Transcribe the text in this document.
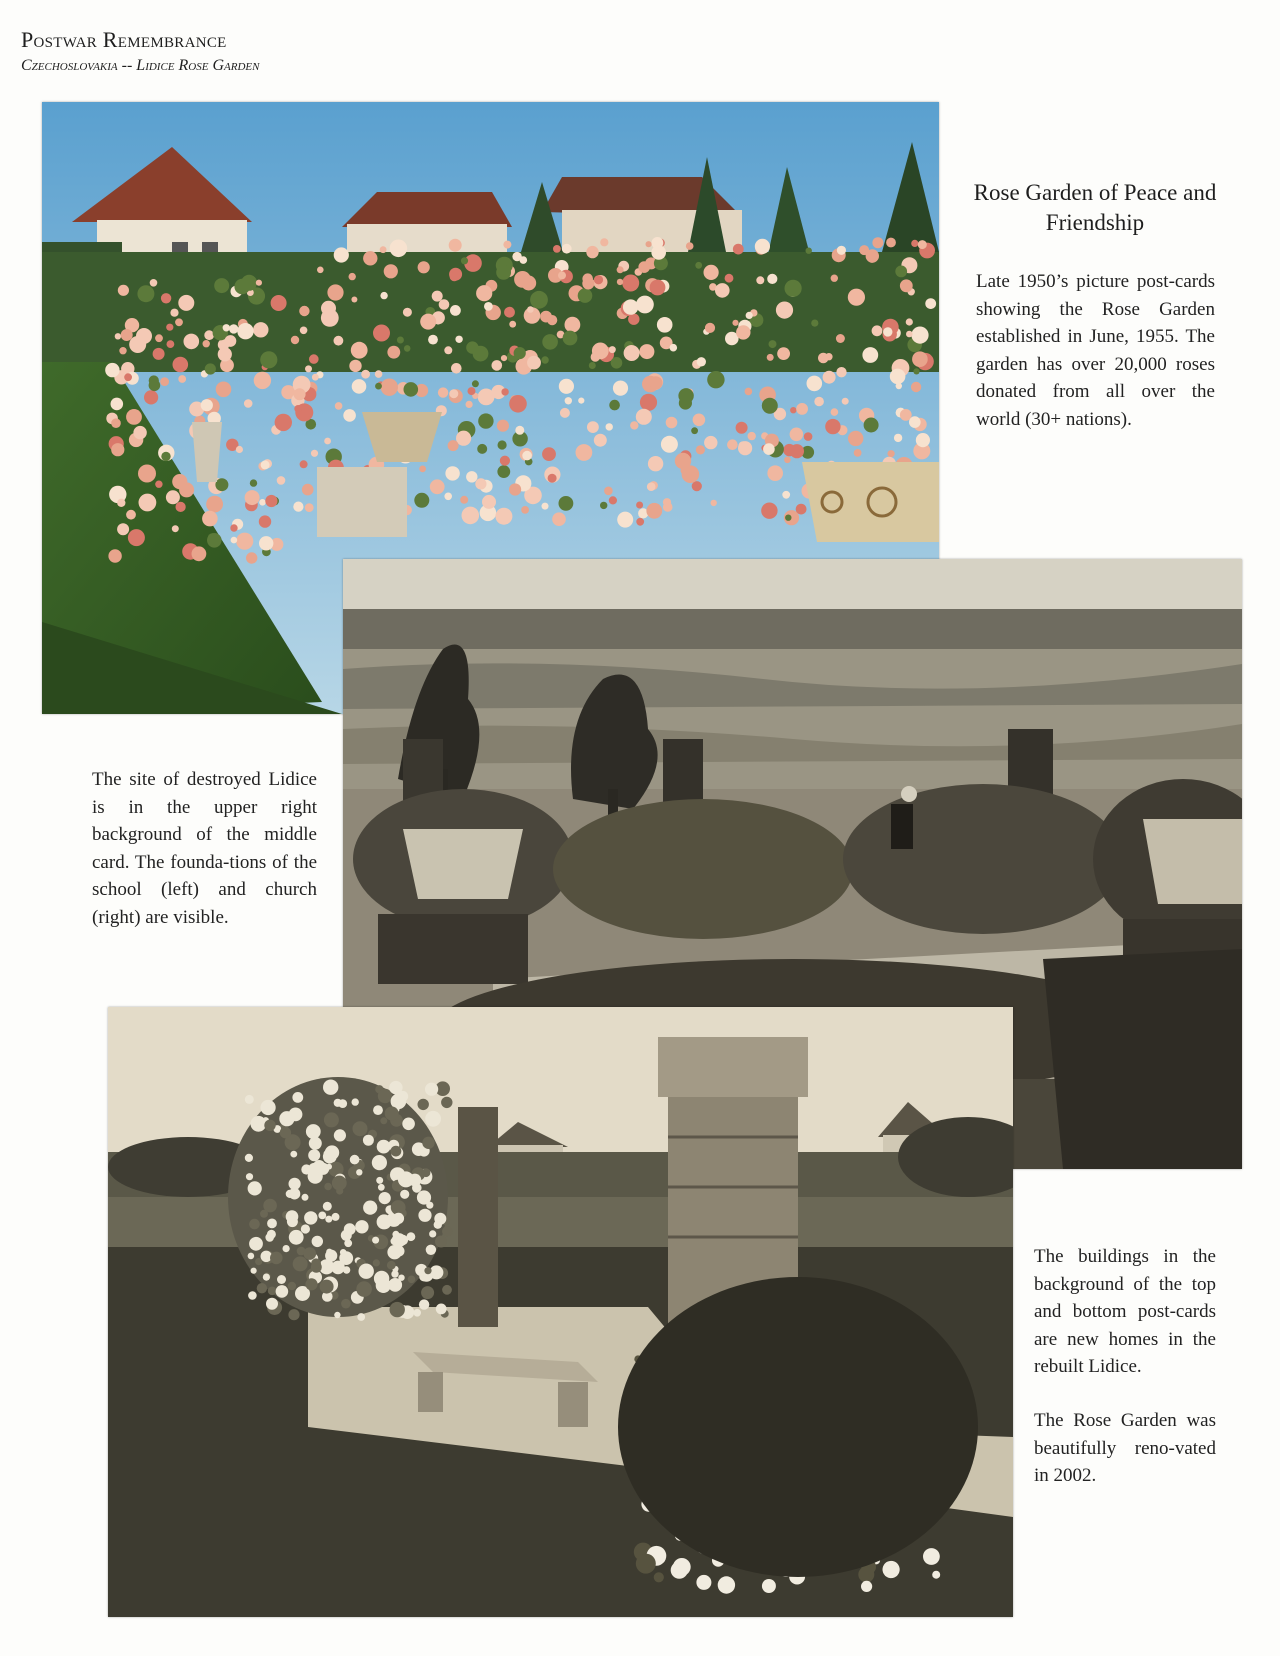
Postwar Remembrance
Czechoslovakia -- Lidice Rose Garden
Rose Garden of Peace and Friendship
Late 1950’s picture post-cards showing the Rose Garden established in June, 1955. The garden has over 20,000 roses donated from all over the world (30+ nations).
The site of destroyed Lidice is in the upper right background of the middle card. The founda-tions of the school (left) and church (right) are visible.
The buildings in the background of the top and bottom post-cards are new homes in the rebuilt Lidice.
The Rose Garden was beautifully reno-vated in 2002.
